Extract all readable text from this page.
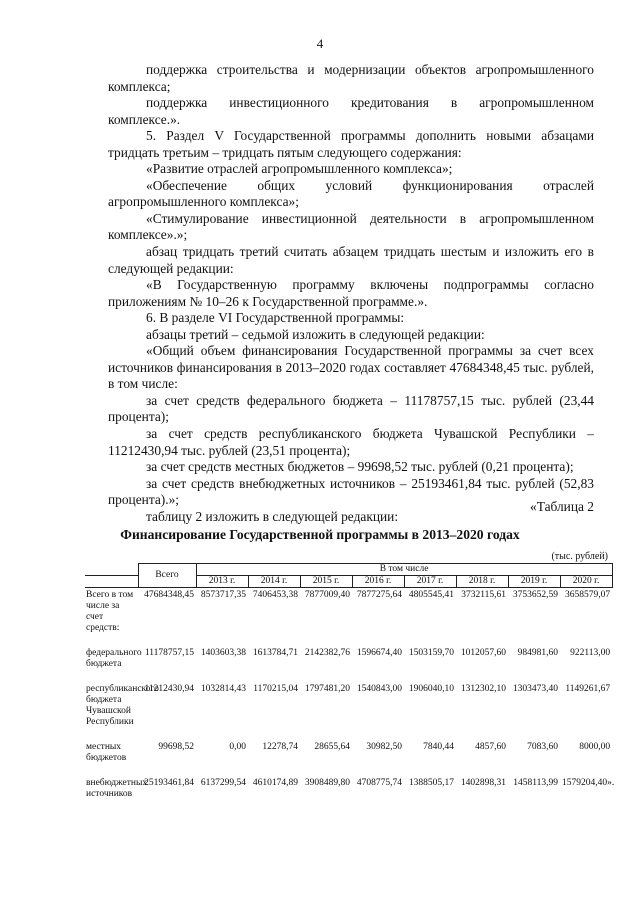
4

поддержка строительства и модернизации объектов агропромышленного комплекса;

поддержка инвестиционного кредитования в агропромышленном комплексе.».

5. Раздел V Государственной программы дополнить новыми абзацами тридцать третьим – тридцать пятым следующего содержания:

«Развитие отраслей агропромышленного комплекса»;

«Обеспечение общих условий функционирования отраслей агропромышленного комплекса»;

«Стимулирование инвестиционной деятельности в агропромышленном комплексе».»;

абзац тридцать третий считать абзацем тридцать шестым и изложить его в следующей редакции:

«В Государственную программу включены подпрограммы согласно приложениям № 10–26 к Государственной программе.».

6. В разделе VI Государственной программы:

абзацы третий – седьмой изложить в следующей редакции:

«Общий объем финансирования Государственной программы за счет всех источников финансирования в 2013–2020 годах составляет 47684348,45 тыс. рублей, в том числе:

за счет средств федерального бюджета – 11178757,15 тыс. рублей (23,44 процента);

за счет средств республиканского бюджета Чувашской Республики – 11212430,94 тыс. рублей (23,51 процента);

за счет средств местных бюджетов – 99698,52 тыс. рублей (0,21 процента);

за счет средств внебюджетных источников – 25193461,84 тыс. рублей (52,83 процента).»;

таблицу 2 изложить в следующей редакции:

«Таблица 2
Финансирование Государственной программы в 2013–2020 годах
(тыс. рублей)
	Всего	В том числе							
		2013 г.	2014 г.	2015 г.	2016 г.	2017 г.	2018 г.	2019 г.	2020 г.
Всего в том числе за счет средств:	47684348,45	8573717,35	7406453,38	7877009,40	7877275,64	4805545,41	3732115,61	3753652,59	3658579,07
федерального бюджета	11178757,15	1403603,38	1613784,71	2142382,76	1596674,40	1503159,70	1012057,60	984981,60	922113,00
республиканского бюджета Чувашской Республики	11212430,94	1032814,43	1170215,04	1797481,20	1540843,00	1906040,10	1312302,10	1303473,40	1149261,67
местных бюджетов	99698,52	0,00	12278,74	28655,64	30982,50	7840,44	4857,60	7083,60	8000,00
внебюджетных источников	25193461,84	6137299,54	4610174,89	3908489,80	4708775,74	1388505,17	1402898,31	1458113,99	1579204,40».
